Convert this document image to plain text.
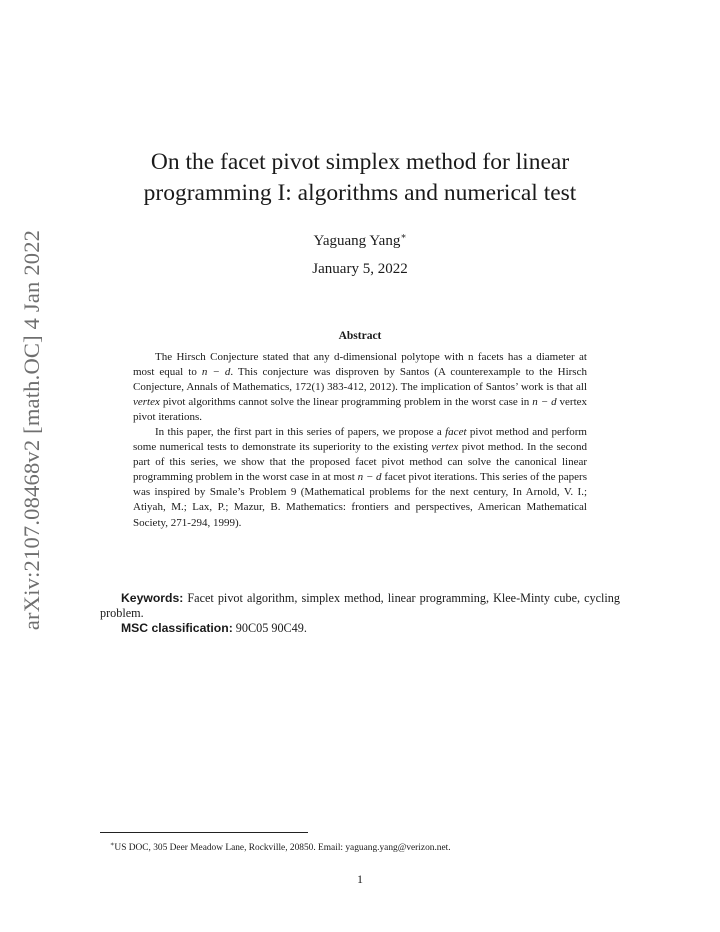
arXiv:2107.08468v2 [math.OC] 4 Jan 2022
On the facet pivot simplex method for linear
programming I: algorithms and numerical test
Yaguang Yang∗
January 5, 2022
Abstract

The Hirsch Conjecture stated that any d-dimensional polytope with n facets has a diameter at most equal to n − d. This conjecture was disproven by Santos (A counterexample to the Hirsch Conjecture, Annals of Mathematics, 172(1) 383-412, 2012). The implication of Santos’ work is that all vertex pivot algorithms cannot solve the linear programming problem in the worst case in n − d vertex pivot iterations.

In this paper, the first part in this series of papers, we propose a facet pivot method and perform some numerical tests to demonstrate its superiority to the existing vertex pivot method. In the second part of this series, we show that the proposed facet pivot method can solve the canonical linear programming problem in the worst case in at most n − d facet pivot iterations. This series of the papers was inspired by Smale’s Problem 9 (Mathematical problems for the next century, In Arnold, V. I.; Atiyah, M.; Lax, P.; Mazur, B. Mathematics: frontiers and perspectives, American Mathematical Society, 271-294, 1999).

Keywords: Facet pivot algorithm, simplex method, linear programming, Klee-Minty cube, cycling problem.

MSC classification: 90C05 90C49.

∗US DOC, 305 Deer Meadow Lane, Rockville, 20850. Email: yaguang.yang@verizon.net.
1
